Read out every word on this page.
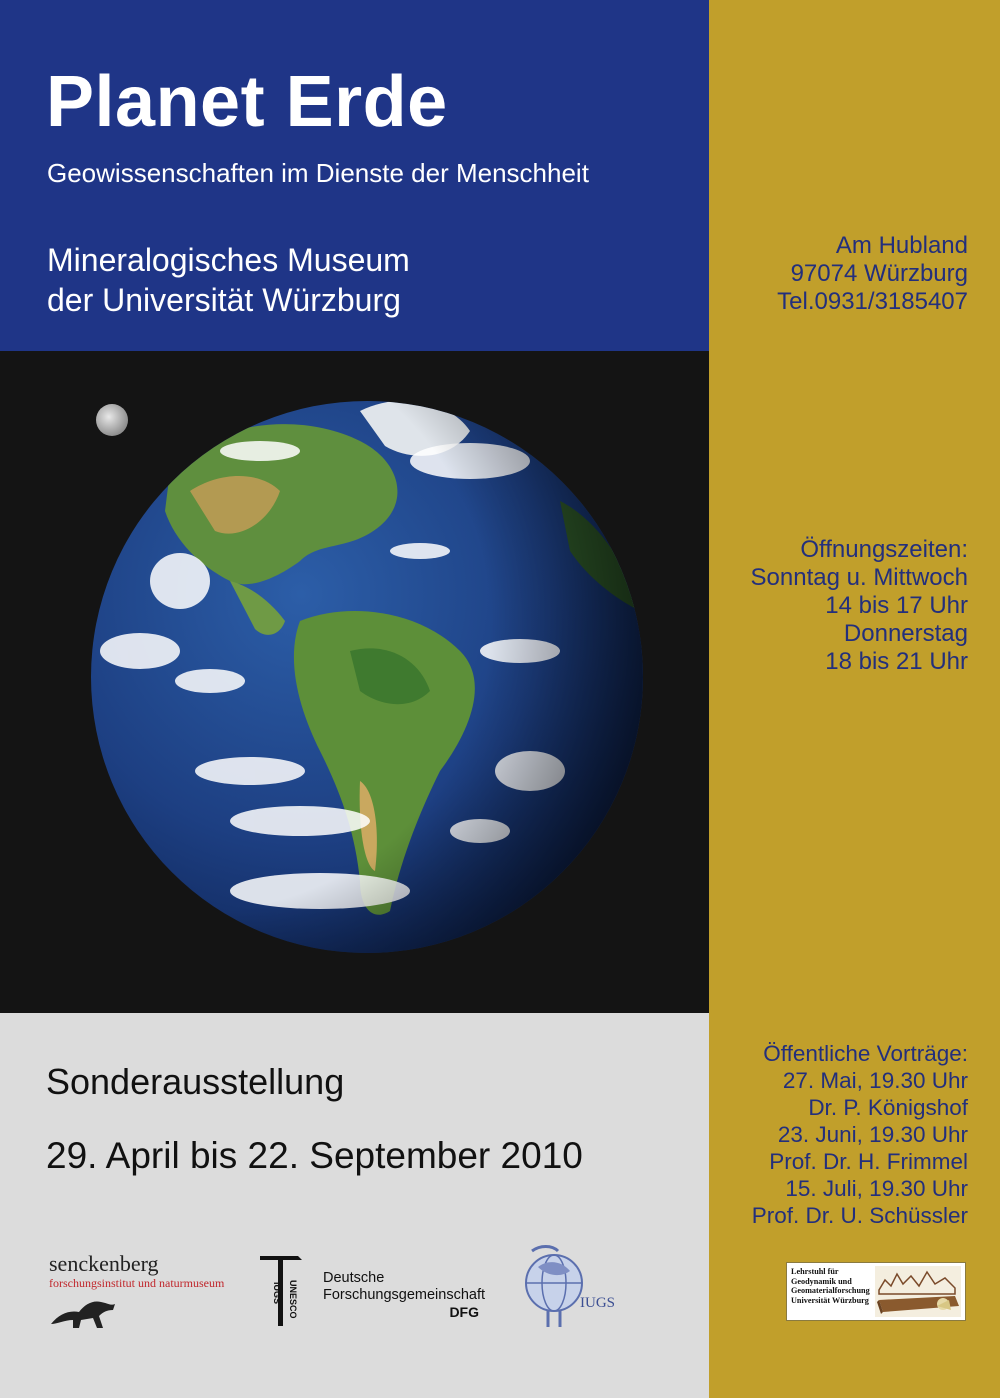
Planet Erde
Geowissenschaften im Dienste der Menschheit
Mineralogisches Museum
der Universität Würzburg
Am Hubland
97074 Würzburg
Tel.0931/3185407
Öffnungszeiten:
Sonntag u. Mittwoch
14 bis 17 Uhr
Donnerstag
18 bis 21 Uhr
Öffentliche Vorträge:
27. Mai, 19.30 Uhr
Dr. P. Königshof
23. Juni, 19.30 Uhr
Prof. Dr. H. Frimmel
15. Juli, 19.30 Uhr
Prof. Dr. U. Schüssler
Sonderausstellung
29. April bis 22. September 2010
senckenberg
forschungsinstitut und naturmuseum	IUGS UNESCO
Deutsche
Forschungsgemeinschaft
DFG
IUGS
Lehrstuhl für
Geodynamik und
Geomaterialforschung
Universität Würzburg
